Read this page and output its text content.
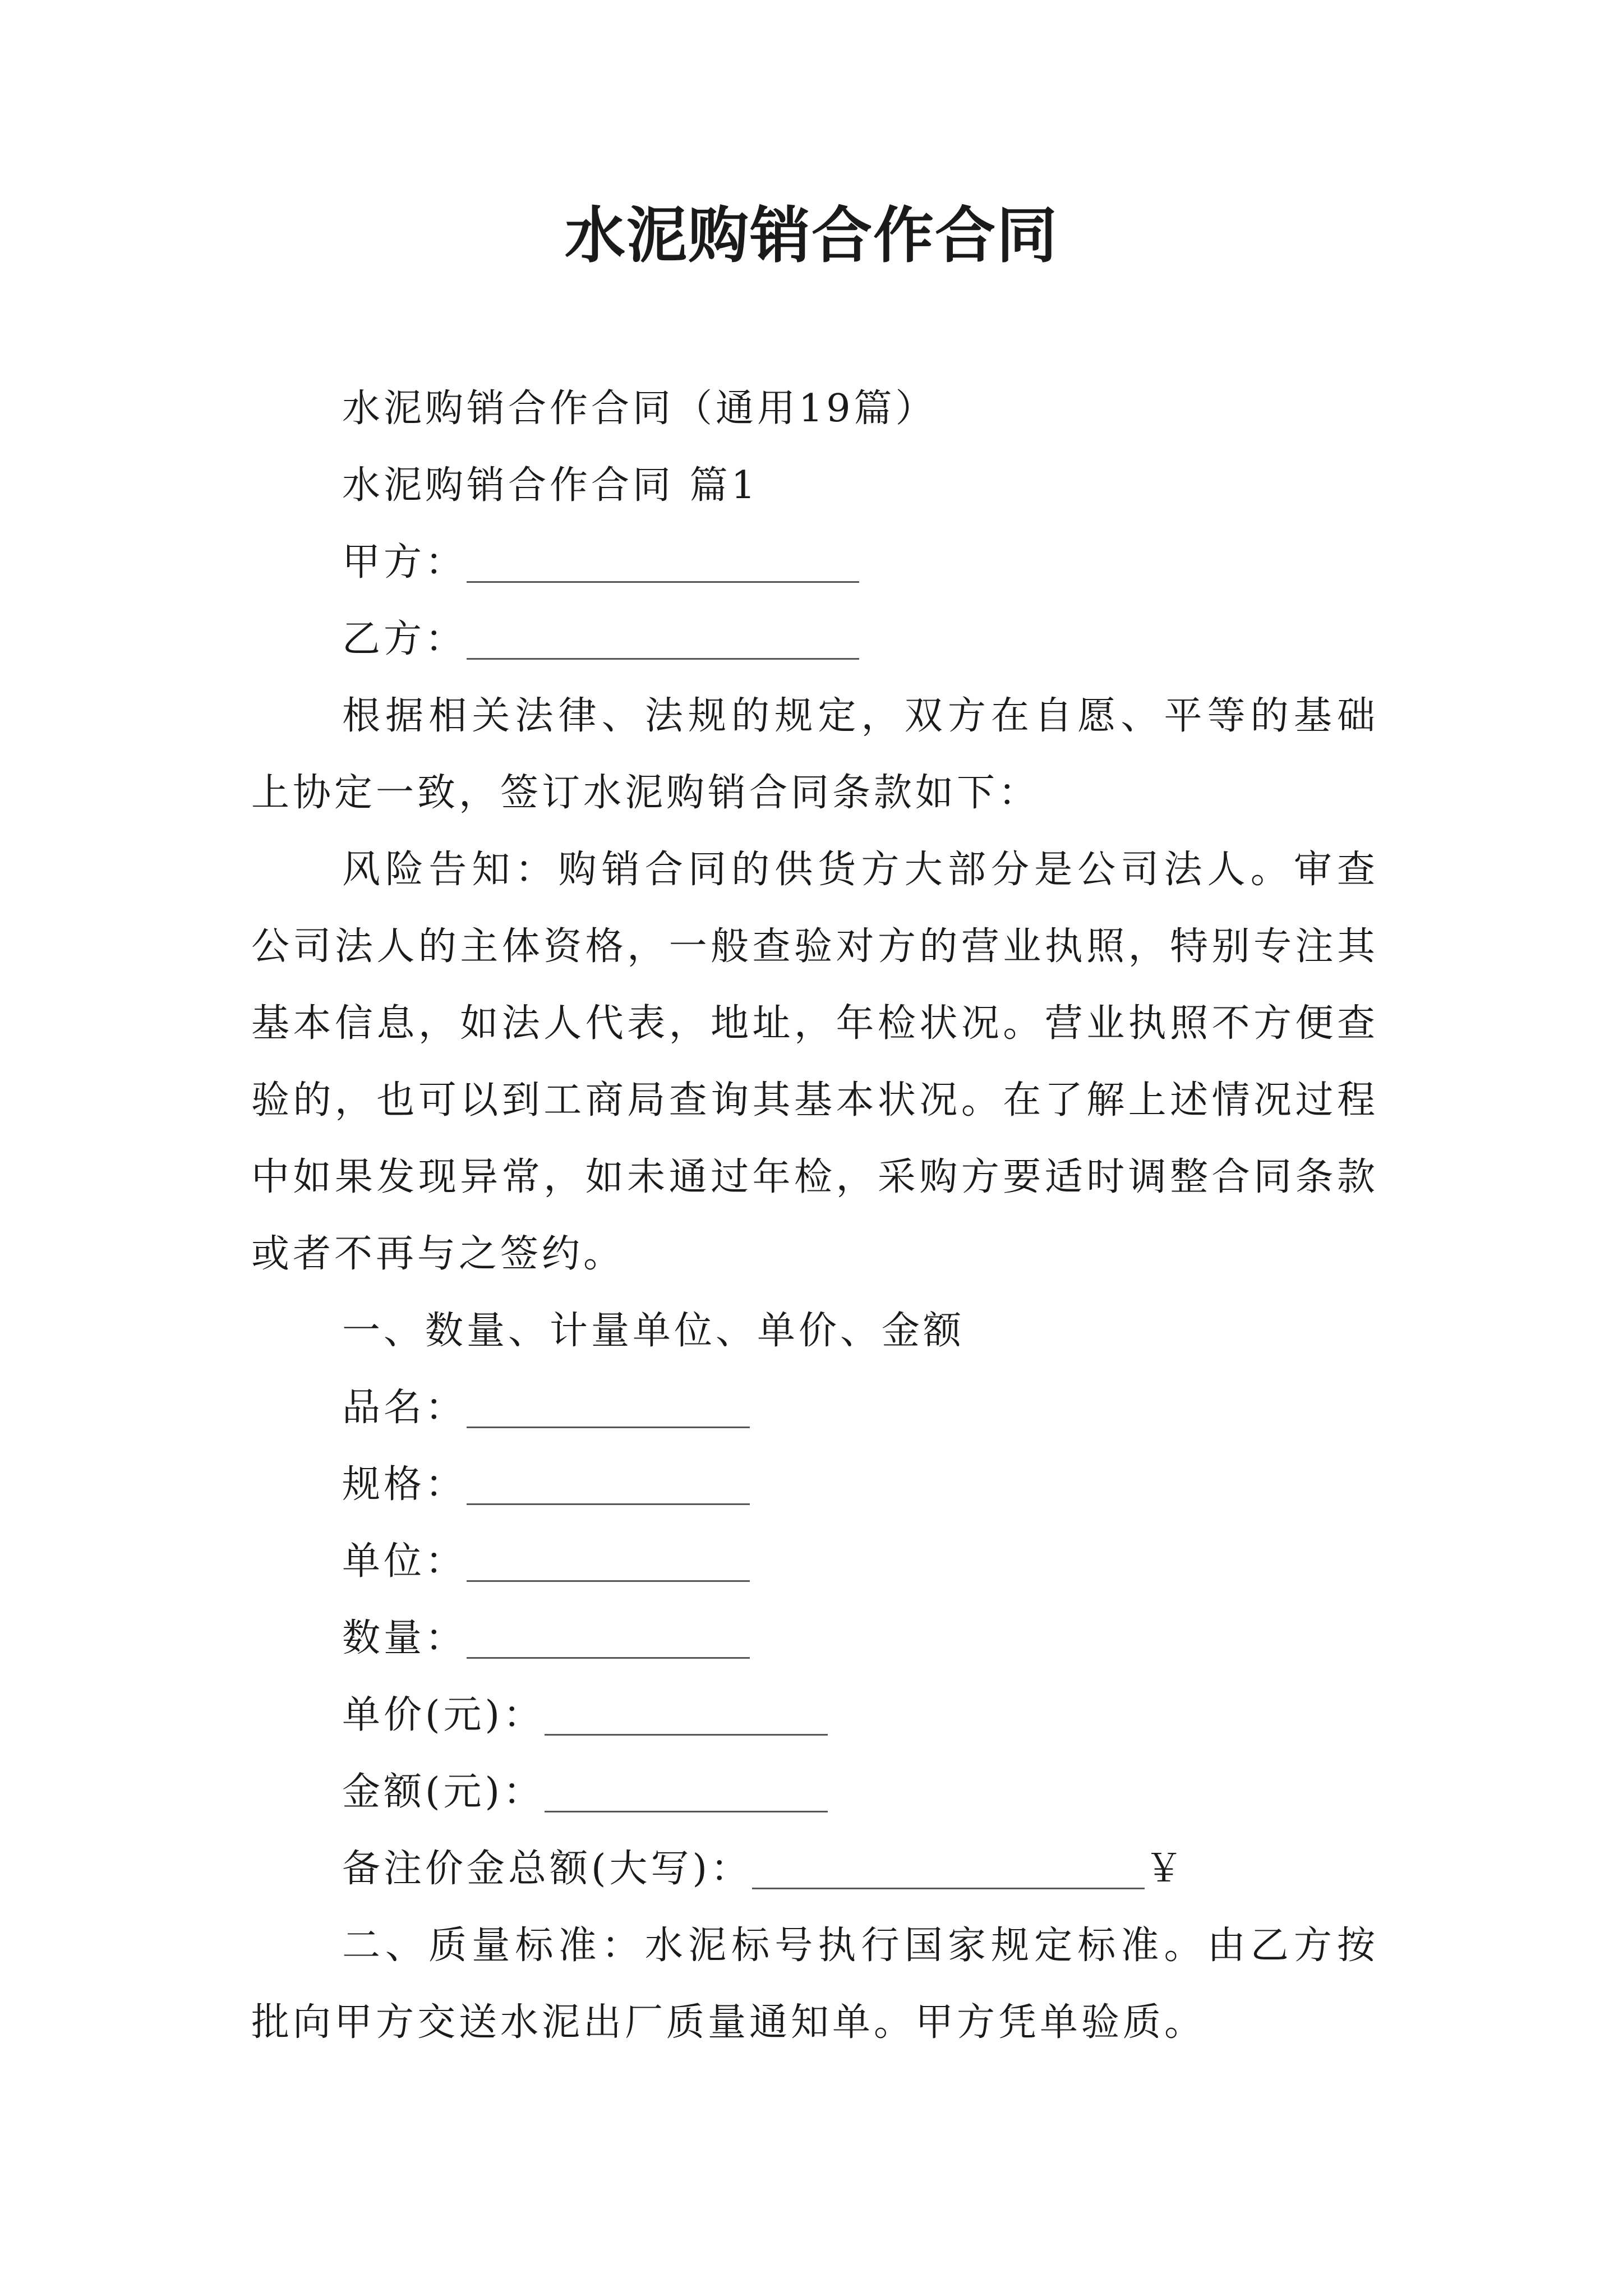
水泥购销合作合同

水泥购销合作合同（通用19篇）

水泥购销合作合同 篇1

甲方：

乙方：

根据相关法律、法规的规定，双方在自愿、平等的基础上协定一致，签订水泥购销合同条款如下：

风险告知：购销合同的供货方大部分是公司法人。审查公司法人的主体资格，一般查验对方的营业执照，特别专注其基本信息，如法人代表，地址，年检状况。营业执照不方便查验的，也可以到工商局查询其基本状况。在了解上述情况过程中如果发现异常，如未通过年检，采购方要适时调整合同条款或者不再与之签约。

一、数量、计量单位、单价、金额

品名：

规格：

单位：

数量：

单价(元)：

金额(元)：

备注价金总额(大写)：	￥

二、质量标准：水泥标号执行国家规定标准。由乙方按批向甲方交送水泥出厂质量通知单。甲方凭单验质。
